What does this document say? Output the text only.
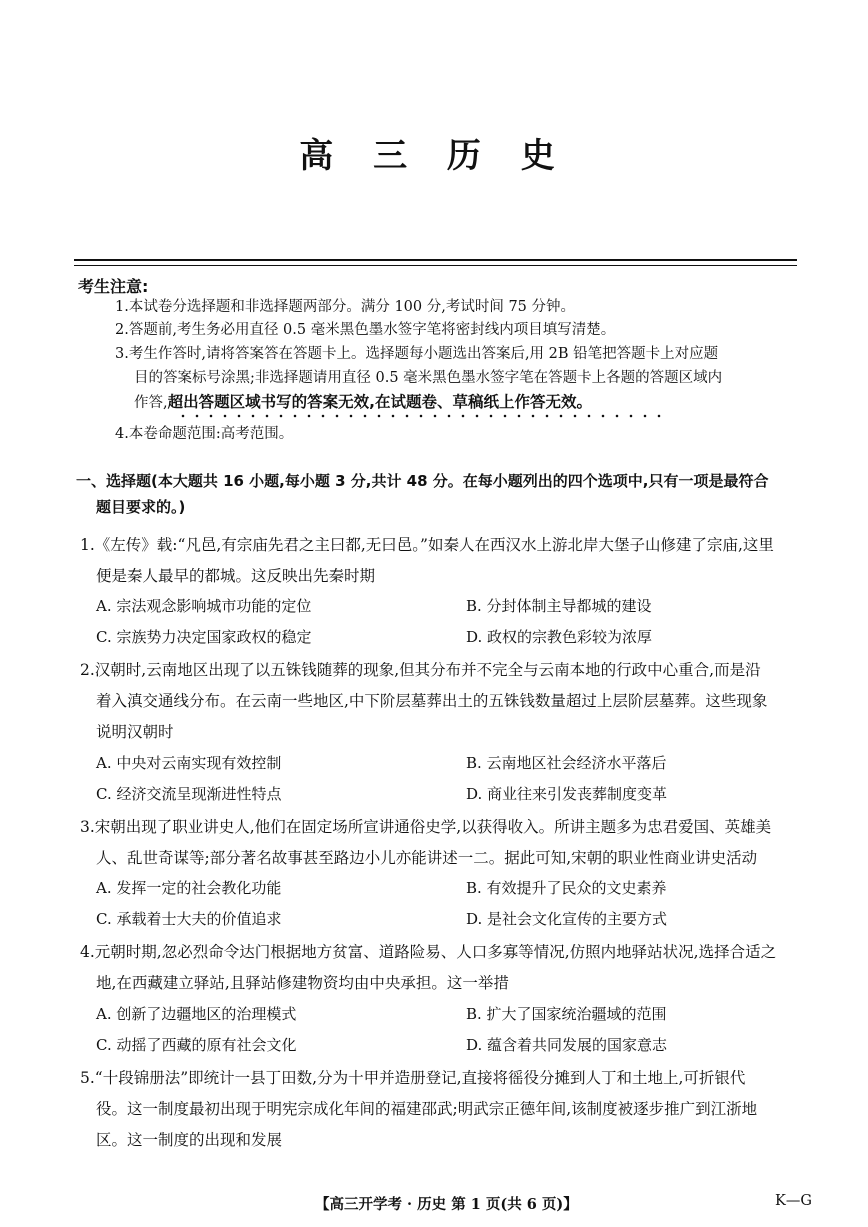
高 三 历 史
考生注意:
1.本试卷分选择题和非选择题两部分。满分 100 分,考试时间 75 分钟。
2.答题前,考生务必用直径 0.5 毫米黑色墨水签字笔将密封线内项目填写清楚。
3.考生作答时,请将答案答在答题卡上。选择题每小题选出答案后,用 2B 铅笔把答题卡上对应题
目的答案标号涂黑;非选择题请用直径 0.5 毫米黑色墨水签字笔在答题卡上各题的答题区域内
作答,超出答题区域书写的答案无效,在试题卷、草稿纸上作答无效。
4.本卷命题范围:高考范围。
一、选择题(本大题共 16 小题,每小题 3 分,共计 48 分。在每小题列出的四个选项中,只有一项是最符合
题目要求的。)
1.《左传》载:“凡邑,有宗庙先君之主曰都,无曰邑。”如秦人在西汉水上游北岸大堡子山修建了宗庙,这里
便是秦人最早的都城。这反映出先秦时期
A. 宗法观念影响城市功能的定位	B. 分封体制主导都城的建设
C. 宗族势力决定国家政权的稳定	D. 政权的宗教色彩较为浓厚
2.汉朝时,云南地区出现了以五铢钱随葬的现象,但其分布并不完全与云南本地的行政中心重合,而是沿
着入滇交通线分布。在云南一些地区,中下阶层墓葬出土的五铢钱数量超过上层阶层墓葬。这些现象
说明汉朝时
A. 中央对云南实现有效控制	B. 云南地区社会经济水平落后
C. 经济交流呈现渐进性特点	D. 商业往来引发丧葬制度变革
3.宋朝出现了职业讲史人,他们在固定场所宣讲通俗史学,以获得收入。所讲主题多为忠君爱国、英雄美
人、乱世奇谋等;部分著名故事甚至路边小儿亦能讲述一二。据此可知,宋朝的职业性商业讲史活动
A. 发挥一定的社会教化功能	B. 有效提升了民众的文史素养
C. 承载着士大夫的价值追求	D. 是社会文化宣传的主要方式
4.元朝时期,忽必烈命令达门根据地方贫富、道路险易、人口多寡等情况,仿照内地驿站状况,选择合适之
地,在西藏建立驿站,且驿站修建物资均由中央承担。这一举措
A. 创新了边疆地区的治理模式	B. 扩大了国家统治疆域的范围
C. 动摇了西藏的原有社会文化	D. 蕴含着共同发展的国家意志
5.“十段锦册法”即统计一县丁田数,分为十甲并造册登记,直接将徭役分摊到人丁和土地上,可折银代
役。这一制度最初出现于明宪宗成化年间的福建邵武;明武宗正德年间,该制度被逐步推广到江浙地
区。这一制度的出现和发展
【高三开学考 · 历史 第 1 页(共 6 页)】	K—G
